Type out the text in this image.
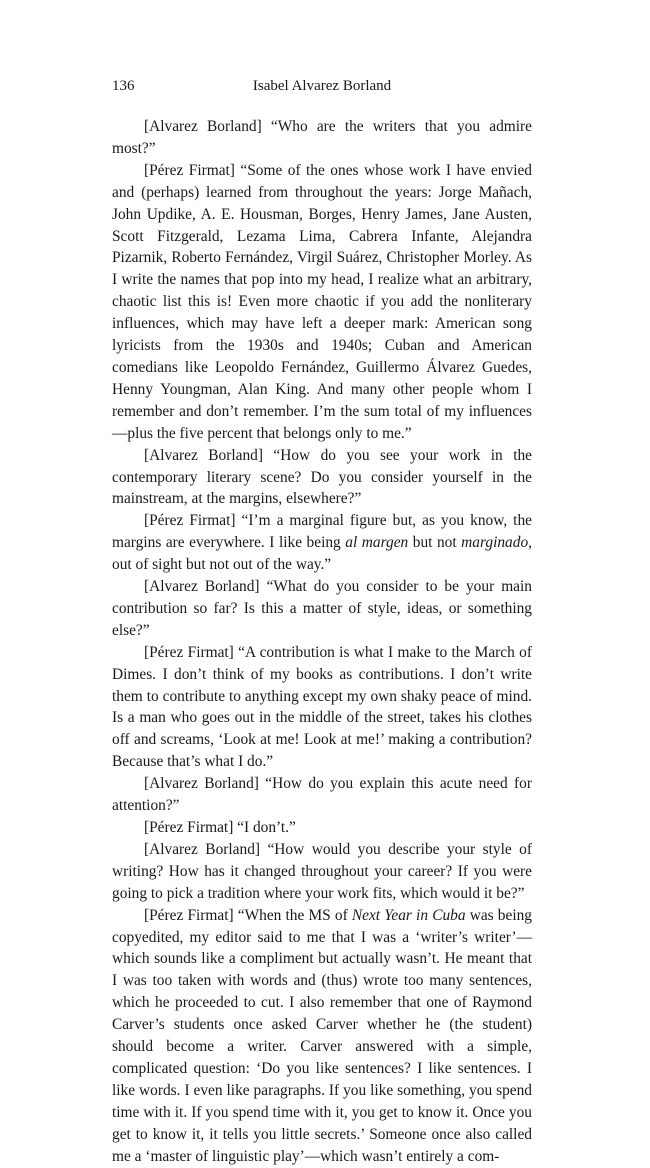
136	Isabel Alvarez Borland

[Alvarez Borland] “Who are the writers that you admire most?”

[Pérez Firmat] “Some of the ones whose work I have envied and (perhaps) learned from throughout the years: Jorge Mañach, John Updike, A. E. Housman, Borges, Henry James, Jane Austen, Scott Fitzgerald, Lezama Lima, Cabrera Infante, Alejandra Pizarnik, Roberto Fernández, Virgil Suárez, Christopher Morley. As I write the names that pop into my head, I realize what an arbitrary, chaotic list this is! Even more chaotic if you add the nonliterary influences, which may have left a deeper mark: American song lyricists from the 1930s and 1940s; Cuban and American comedians like Leopoldo Fernández, Guillermo Álvarez Guedes, Henny Youngman, Alan King. And many other people whom I remember and don’t remember. I’m the sum total of my influences—plus the five percent that belongs only to me.”

[Alvarez Borland] “How do you see your work in the contemporary literary scene? Do you consider yourself in the mainstream, at the margins, elsewhere?”

[Pérez Firmat] “I’m a marginal figure but, as you know, the margins are everywhere. I like being al margen but not marginado, out of sight but not out of the way.”

[Alvarez Borland] “What do you consider to be your main contribution so far? Is this a matter of style, ideas, or something else?”

[Pérez Firmat] “A contribution is what I make to the March of Dimes. I don’t think of my books as contributions. I don’t write them to contribute to anything except my own shaky peace of mind. Is a man who goes out in the middle of the street, takes his clothes off and screams, ‘Look at me! Look at me!’ making a contribution? Because that’s what I do.”

[Alvarez Borland] “How do you explain this acute need for attention?”

[Pérez Firmat] “I don’t.”

[Alvarez Borland] “How would you describe your style of writing? How has it changed throughout your career? If you were going to pick a tradition where your work fits, which would it be?”

[Pérez Firmat] “When the MS of Next Year in Cuba was being copyedited, my editor said to me that I was a ‘writer’s writer’—which sounds like a compliment but actually wasn’t. He meant that I was too taken with words and (thus) wrote too many sentences, which he proceeded to cut. I also remember that one of Raymond Carver’s students once asked Carver whether he (the student) should become a writer. Carver answered with a simple, complicated question: ‘Do you like sentences? I like sentences. I like words. I even like paragraphs. If you like something, you spend time with it. If you spend time with it, you get to know it. Once you get to know it, it tells you little secrets.’ Someone once also called me a ‘master of linguistic play’—which wasn’t entirely a com-
